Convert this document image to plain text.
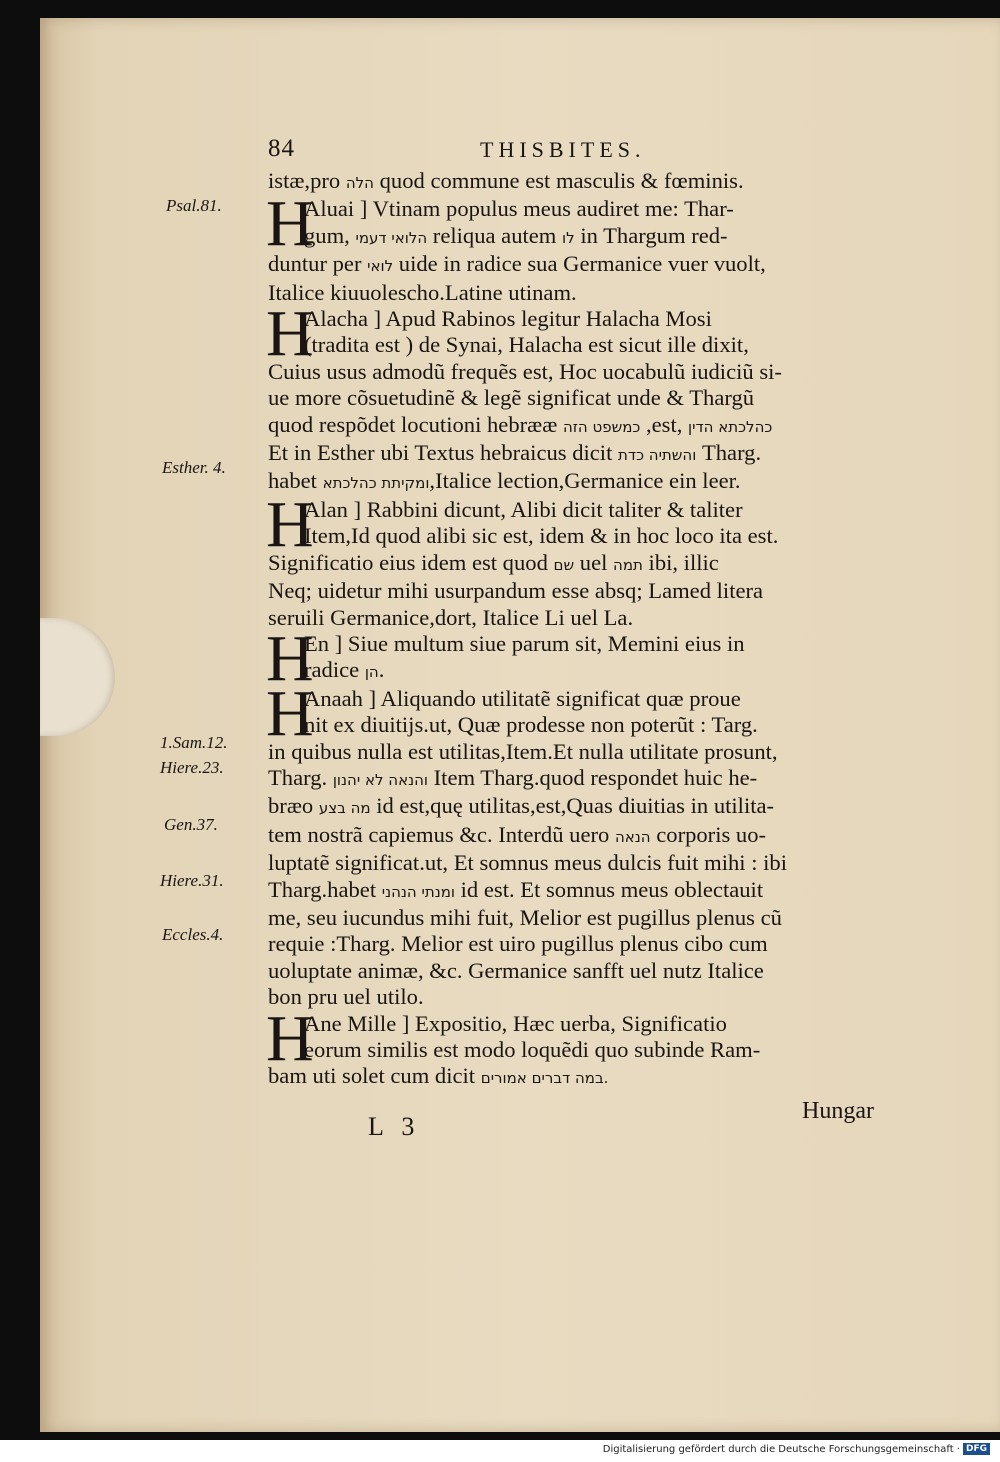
84	THISBITES.
Psal.81.
Esther. 4.
1.Sam.12.
Hiere.23.
Gen.37.
Hiere.31.
Eccles.4.
istæ,pro הלה quod commune est masculis & fœminis.
H
Aluai ] Vtinam populus meus audiret me: Thar-
gum, הלואי דעמי reliqua autem לו in Thargum red-
duntur per לואי uide in radice sua Germanice vuer vuolt,
Italice kiuuolescho.Latine utinam.
H
Alacha ] Apud Rabinos legitur Halacha Mosi
(tradita est ) de Synai, Halacha est sicut ille dixit,
Cuius usus admodũ frequẽs est, Hoc uocabulũ iudiciũ si-
ue more cõsuetudinẽ & legẽ significat unde & Thargũ
quod respõdet locutioni hebrææ כמשפט הזה ,est, כהלכתא הדין
Et in Esther ubi Textus hebraicus dicit והשתיה כדת Tharg.
habet ומקיתת כהלכתא,Italice lection,Germanice ein leer.
H
Alan ] Rabbini dicunt, Alibi dicit taliter & taliter
Item,Id quod alibi sic est, idem & in hoc loco ita est.
Significatio eius idem est quod שם uel תמה ibi, illic
Neq; uidetur mihi usurpandum esse absq; Lamed litera
seruili Germanice,dort, Italice Li uel La.
H
En ] Siue multum siue parum sit, Memini eius in
radice הן.
H
Anaah ] Aliquando utilitatẽ significat quæ proue
nit ex diuitijs.ut, Quæ prodesse non poterũt : Targ.
in quibus nulla est utilitas,Item.Et nulla utilitate prosunt,
Tharg. והנאה לא יהנון Item Tharg.quod respondet huic he-
bræo מה בצע id est,quę utilitas,est,Quas diuitias in utilita-
tem nostrã capiemus &c. Interdũ uero הנאה corporis uo-
luptatẽ significat.ut, Et somnus meus dulcis fuit mihi : ibi
Tharg.habet ומנתי הנהני id est. Et somnus meus oblectauit
me, seu iucundus mihi fuit, Melior est pugillus plenus cũ
requie :Tharg. Melior est uiro pugillus plenus cibo cum
uoluptate animæ, &c. Germanice sanfft uel nutz Italice
bon pru uel utilo.
H
Ane Mille ] Expositio, Hæc uerba, Significatio
eorum similis est modo loquẽdi quo subinde Ram-
bam uti solet cum dicit במה דברים אמורים.
L 3
Hungar
Digitalisierung gefördert durch die Deutsche Forschungsgemeinschaft · DFG
